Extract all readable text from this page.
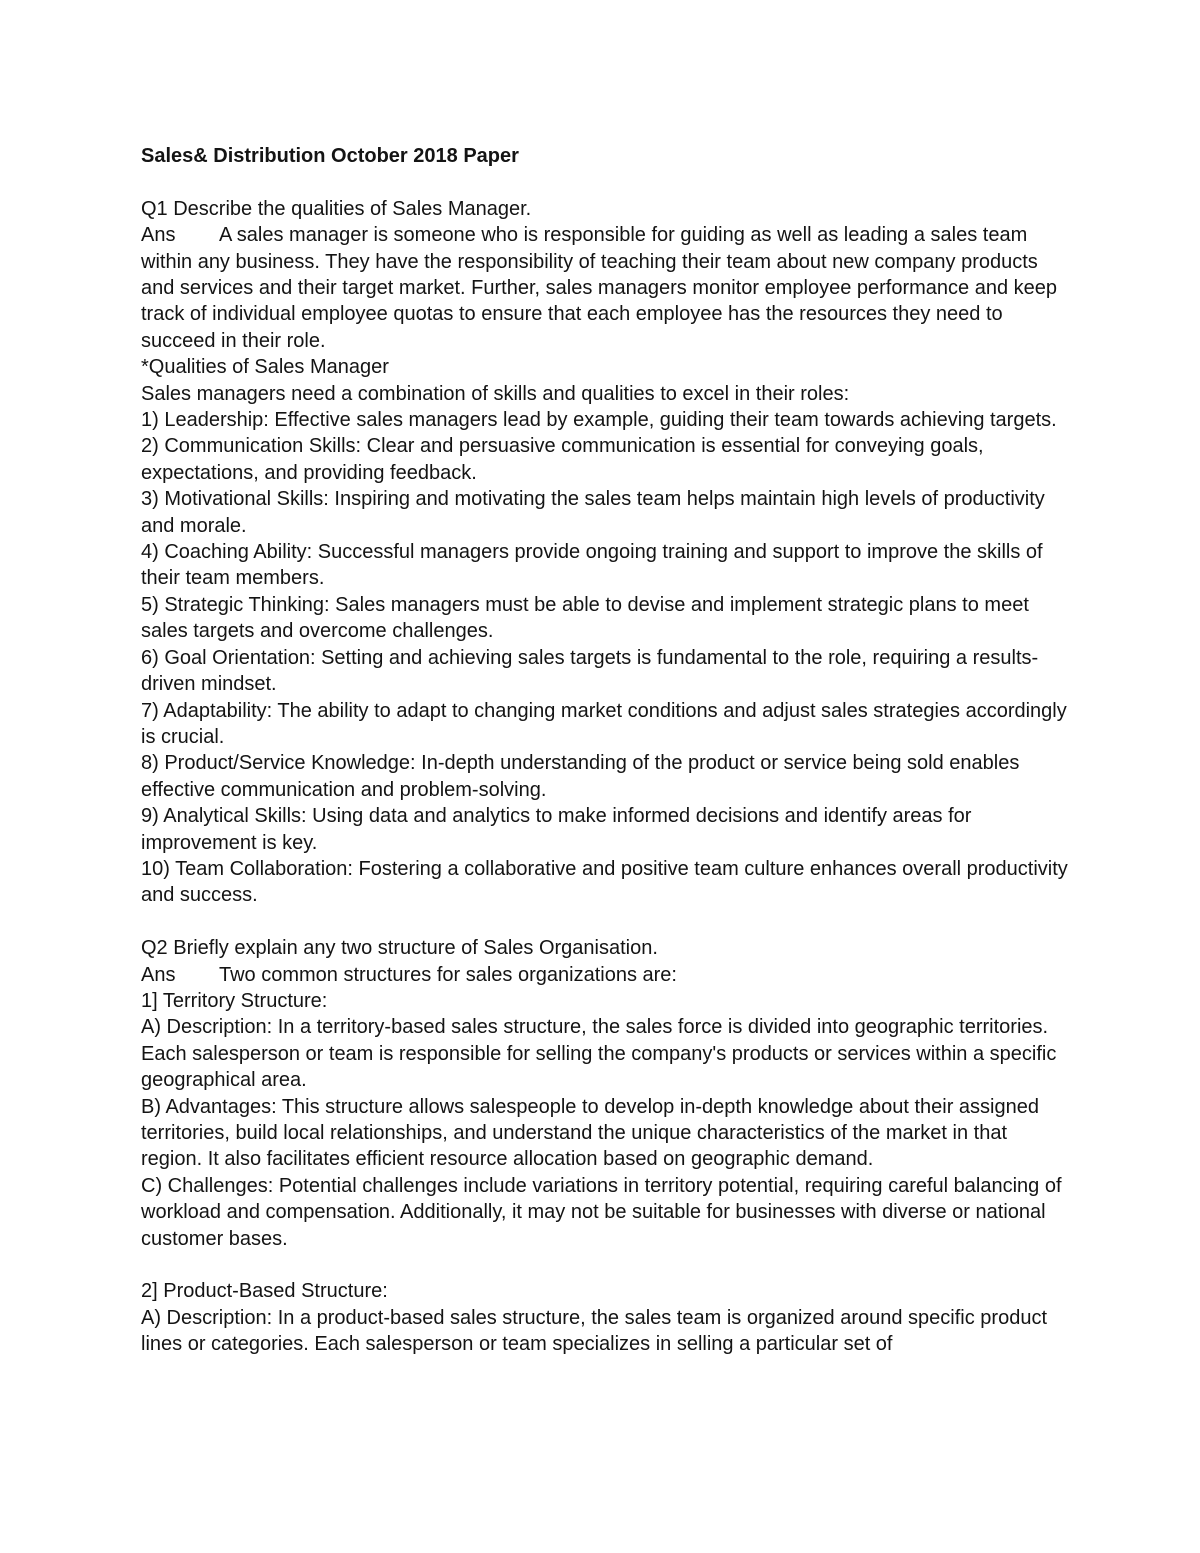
Sales& Distribution October 2018 Paper

Q1 Describe the qualities of Sales Manager.

Ans A sales manager is someone who is responsible for guiding as well as leading a sales team within any business. They have the responsibility of teaching their team about new company products and services and their target market. Further, sales managers monitor employee performance and keep track of individual employee quotas to ensure that each employee has the resources they need to succeed in their role.

*Qualities of Sales Manager

Sales managers need a combination of skills and qualities to excel in their roles:

1) Leadership: Effective sales managers lead by example, guiding their team towards achieving targets.

2) Communication Skills: Clear and persuasive communication is essential for conveying goals, expectations, and providing feedback.

3) Motivational Skills: Inspiring and motivating the sales team helps maintain high levels of productivity and morale.

4) Coaching Ability: Successful managers provide ongoing training and support to improve the skills of their team members.

5) Strategic Thinking: Sales managers must be able to devise and implement strategic plans to meet sales targets and overcome challenges.

6) Goal Orientation: Setting and achieving sales targets is fundamental to the role, requiring a results-driven mindset.

7) Adaptability: The ability to adapt to changing market conditions and adjust sales strategies accordingly is crucial.

8) Product/Service Knowledge: In-depth understanding of the product or service being sold enables effective communication and problem-solving.

9) Analytical Skills: Using data and analytics to make informed decisions and identify areas for improvement is key.

10) Team Collaboration: Fostering a collaborative and positive team culture enhances overall productivity and success.

Q2 Briefly explain any two structure of Sales Organisation.

Ans Two common structures for sales organizations are:

1] Territory Structure:

A) Description: In a territory-based sales structure, the sales force is divided into geographic territories. Each salesperson or team is responsible for selling the company's products or services within a specific geographical area.

B) Advantages: This structure allows salespeople to develop in-depth knowledge about their assigned territories, build local relationships, and understand the unique characteristics of the market in that region. It also facilitates efficient resource allocation based on geographic demand.

C) Challenges: Potential challenges include variations in territory potential, requiring careful balancing of workload and compensation. Additionally, it may not be suitable for businesses with diverse or national customer bases.

2] Product-Based Structure:

A) Description: In a product-based sales structure, the sales team is organized around specific product lines or categories. Each salesperson or team specializes in selling a particular set of
